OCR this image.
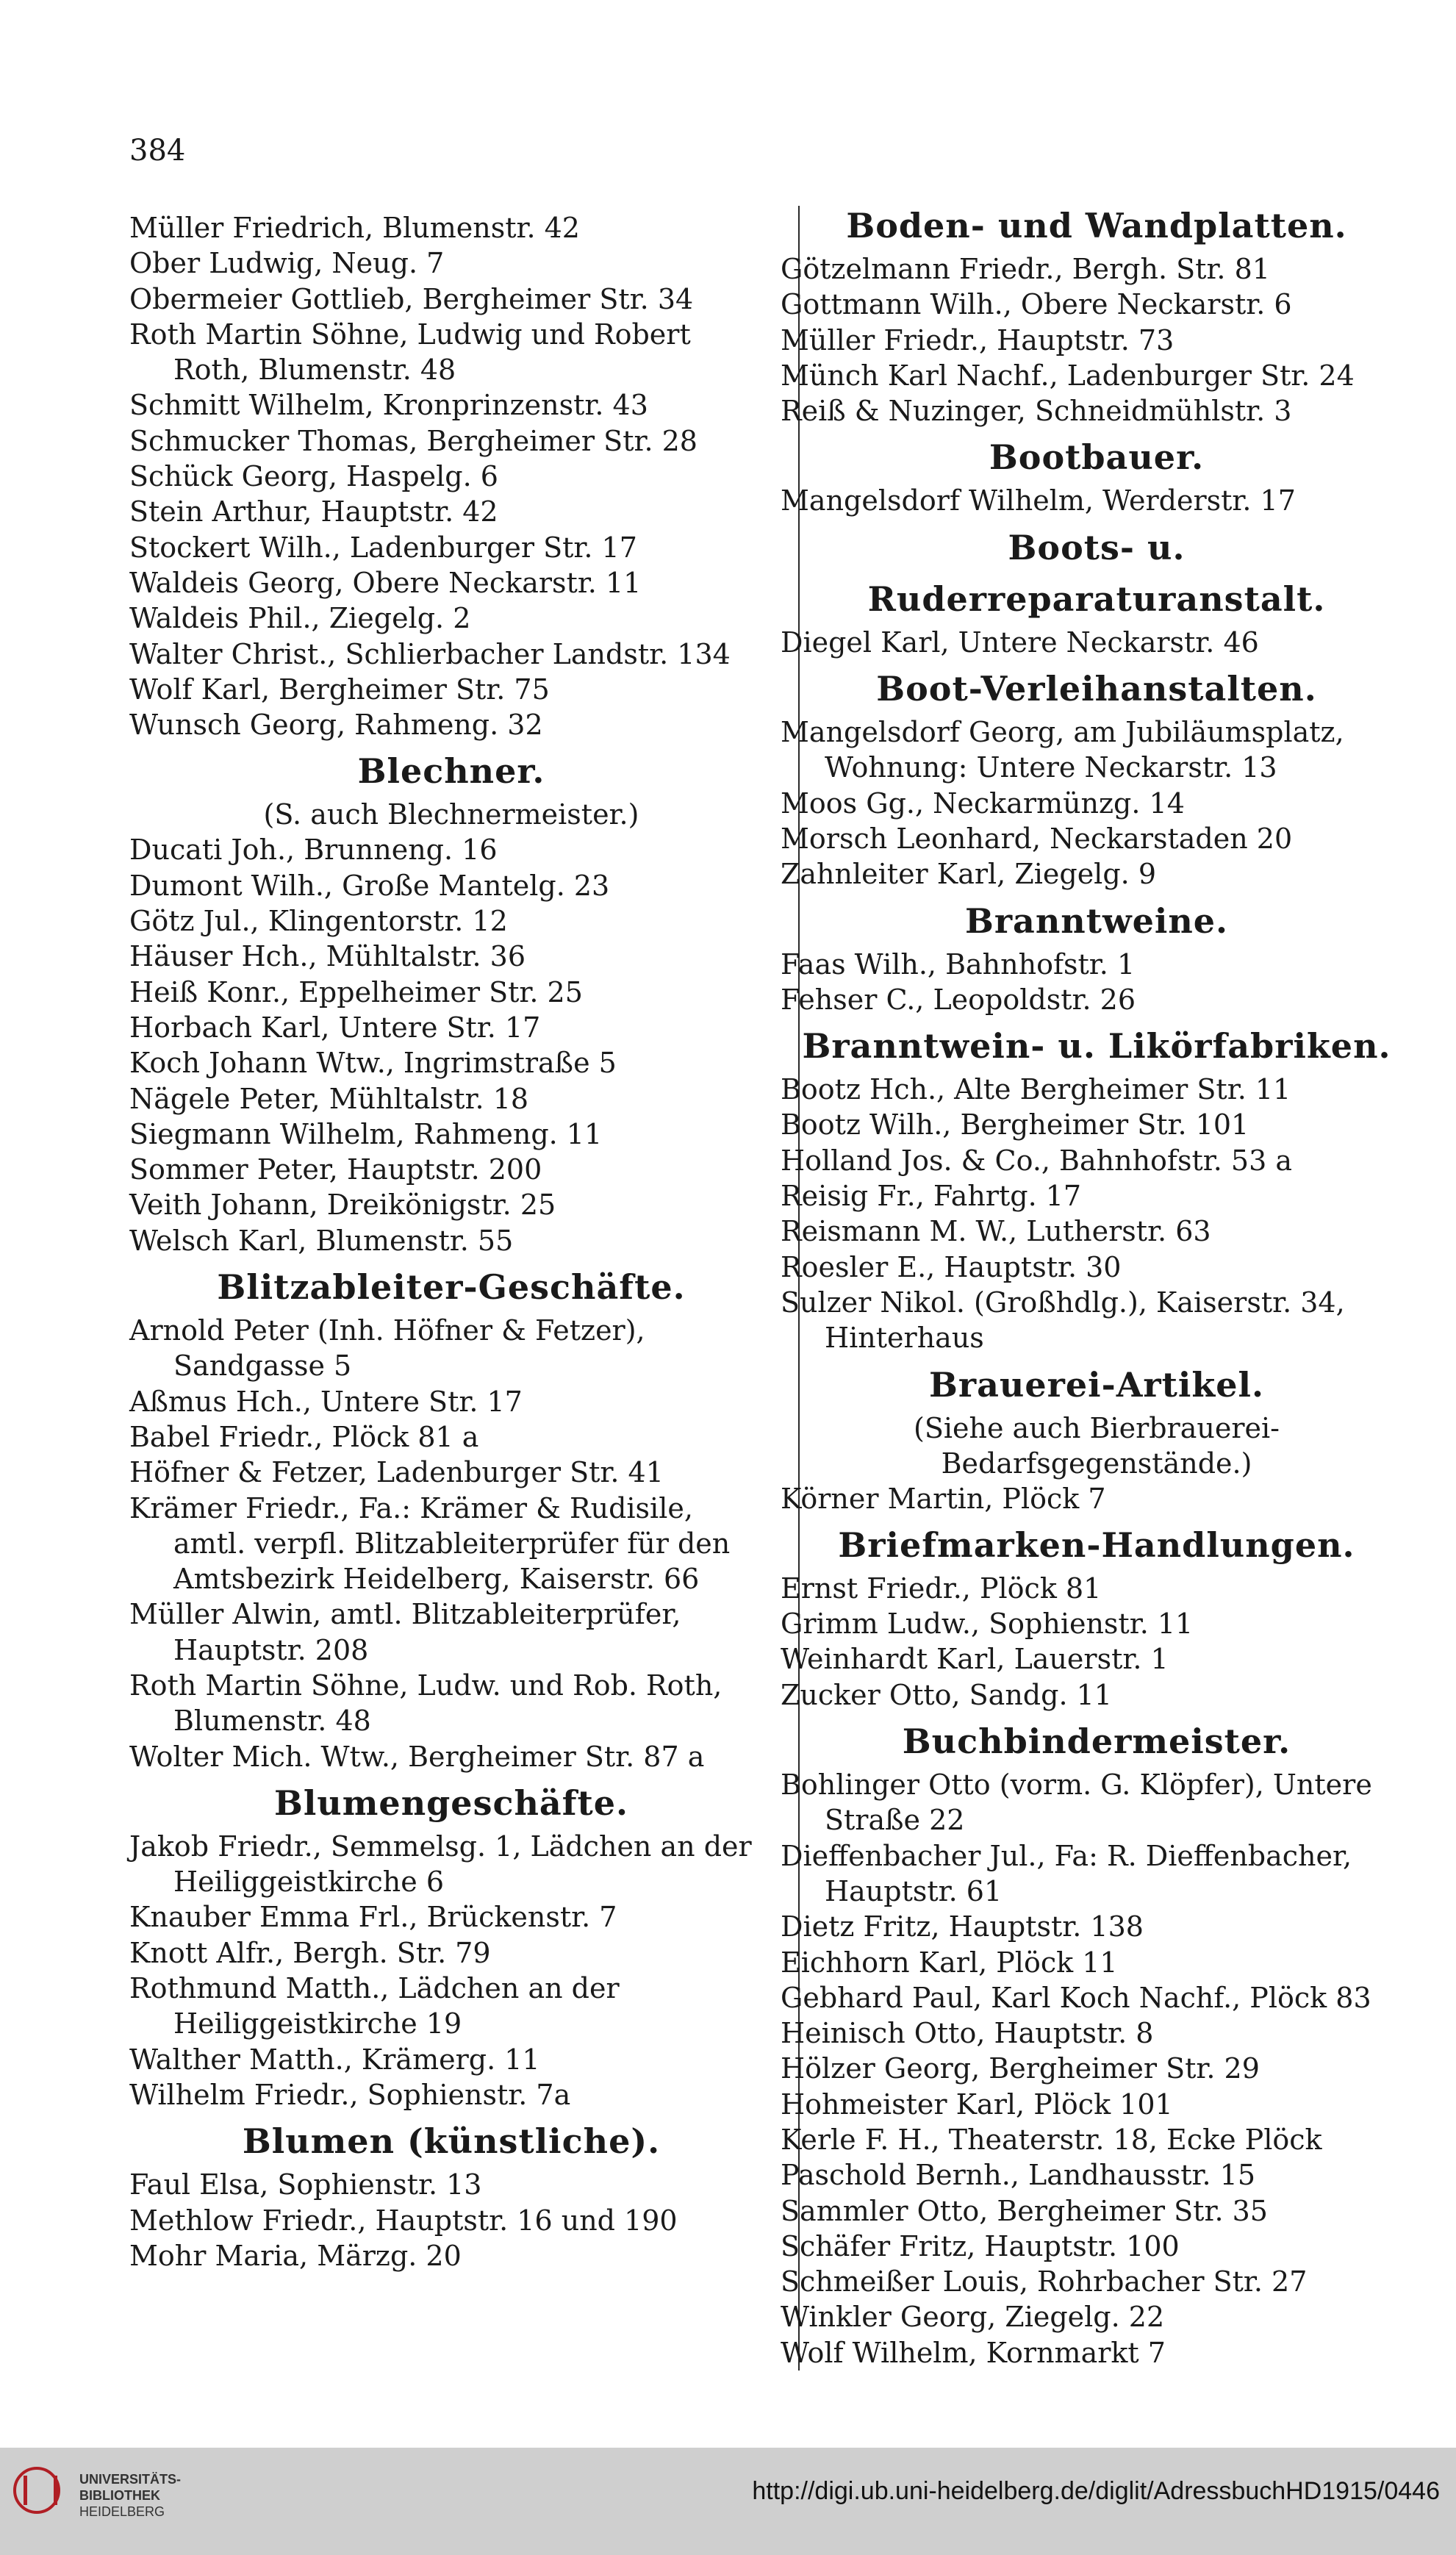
384
Müller Friedrich, Blumenstr. 42
Ober Ludwig, Neug. 7
Obermeier Gottlieb, Bergheimer Str. 34
Roth Martin Söhne, Ludwig und Robert Roth, Blumenstr. 48
Schmitt Wilhelm, Kronprinzenstr. 43
Schmucker Thomas, Bergheimer Str. 28
Schück Georg, Haspelg. 6
Stein Arthur, Hauptstr. 42
Stockert Wilh., Ladenburger Str. 17
Waldeis Georg, Obere Neckarstr. 11
Waldeis Phil., Ziegelg. 2
Walter Christ., Schlierbacher Landstr. 134
Wolf Karl, Bergheimer Str. 75
Wunsch Georg, Rahmeng. 32
Blechner.
(S. auch Blechnermeister.)
Ducati Joh., Brunneng. 16
Dumont Wilh., Große Mantelg. 23
Götz Jul., Klingentorstr. 12
Häuser Hch., Mühltalstr. 36
Heiß Konr., Eppelheimer Str. 25
Horbach Karl, Untere Str. 17
Koch Johann Wtw., Ingrimstraße 5
Nägele Peter, Mühltalstr. 18
Siegmann Wilhelm, Rahmeng. 11
Sommer Peter, Hauptstr. 200
Veith Johann, Dreikönigstr. 25
Welsch Karl, Blumenstr. 55
Blitzableiter-Geschäfte.
Arnold Peter (Inh. Höfner & Fetzer), Sandgasse 5
Aßmus Hch., Untere Str. 17
Babel Friedr., Plöck 81 a
Höfner & Fetzer, Ladenburger Str. 41
Krämer Friedr., Fa.: Krämer & Rudisile, amtl. verpfl. Blitzableiterprüfer für den Amtsbezirk Heidelberg, Kaiserstr. 66
Müller Alwin, amtl. Blitzableiterprüfer, Hauptstr. 208
Roth Martin Söhne, Ludw. und Rob. Roth, Blumenstr. 48
Wolter Mich. Wtw., Bergheimer Str. 87 a
Blumengeschäfte.
Jakob Friedr., Semmelsg. 1, Lädchen an der Heiliggeistkirche 6
Knauber Emma Frl., Brückenstr. 7
Knott Alfr., Bergh. Str. 79
Rothmund Matth., Lädchen an der Heiliggeistkirche 19
Walther Matth., Krämerg. 11
Wilhelm Friedr., Sophienstr. 7a
Blumen (künstliche).
Faul Elsa, Sophienstr. 13
Methlow Friedr., Hauptstr. 16 und 190
Mohr Maria, Märzg. 20
Boden- und Wandplatten.
Götzelmann Friedr., Bergh. Str. 81
Gottmann Wilh., Obere Neckarstr. 6
Müller Friedr., Hauptstr. 73
Münch Karl Nachf., Ladenburger Str. 24
Reiß & Nuzinger, Schneidmühlstr. 3
Bootbauer.
Mangelsdorf Wilhelm, Werderstr. 17
Boots- u. Ruderreparaturanstalt.
Diegel Karl, Untere Neckarstr. 46
Boot-Verleihanstalten.
Mangelsdorf Georg, am Jubiläumsplatz, Wohnung: Untere Neckarstr. 13
Moos Gg., Neckarmünzg. 14
Morsch Leonhard, Neckarstaden 20
Zahnleiter Karl, Ziegelg. 9
Branntweine.
Faas Wilh., Bahnhofstr. 1
Fehser C., Leopoldstr. 26
Branntwein- u. Likörfabriken.
Bootz Hch., Alte Bergheimer Str. 11
Bootz Wilh., Bergheimer Str. 101
Holland Jos. & Co., Bahnhofstr. 53 a
Reisig Fr., Fahrtg. 17
Reismann M. W., Lutherstr. 63
Roesler E., Hauptstr. 30
Sulzer Nikol. (Großhdlg.), Kaiserstr. 34, Hinterhaus
Brauerei-Artikel.
(Siehe auch Bierbrauerei-Bedarfsgegenstände.)
Körner Martin, Plöck 7
Briefmarken-Handlungen.
Ernst Friedr., Plöck 81
Grimm Ludw., Sophienstr. 11
Weinhardt Karl, Lauerstr. 1
Zucker Otto, Sandg. 11
Buchbindermeister.
Bohlinger Otto (vorm. G. Klöpfer), Untere Straße 22
Dieffenbacher Jul., Fa: R. Dieffenbacher, Hauptstr. 61
Dietz Fritz, Hauptstr. 138
Eichhorn Karl, Plöck 11
Gebhard Paul, Karl Koch Nachf., Plöck 83
Heinisch Otto, Hauptstr. 8
Hölzer Georg, Bergheimer Str. 29
Hohmeister Karl, Plöck 101
Kerle F. H., Theaterstr. 18, Ecke Plöck
Paschold Bernh., Landhausstr. 15
Sammler Otto, Bergheimer Str. 35
Schäfer Fritz, Hauptstr. 100
Schmeißer Louis, Rohrbacher Str. 27
Winkler Georg, Ziegelg. 22
Wolf Wilhelm, Kornmarkt 7
UNIVERSITÄTS-
BIBLIOTHEK
HEIDELBERG
http://digi.ub.uni-heidelberg.de/diglit/AdressbuchHD1915/0446
